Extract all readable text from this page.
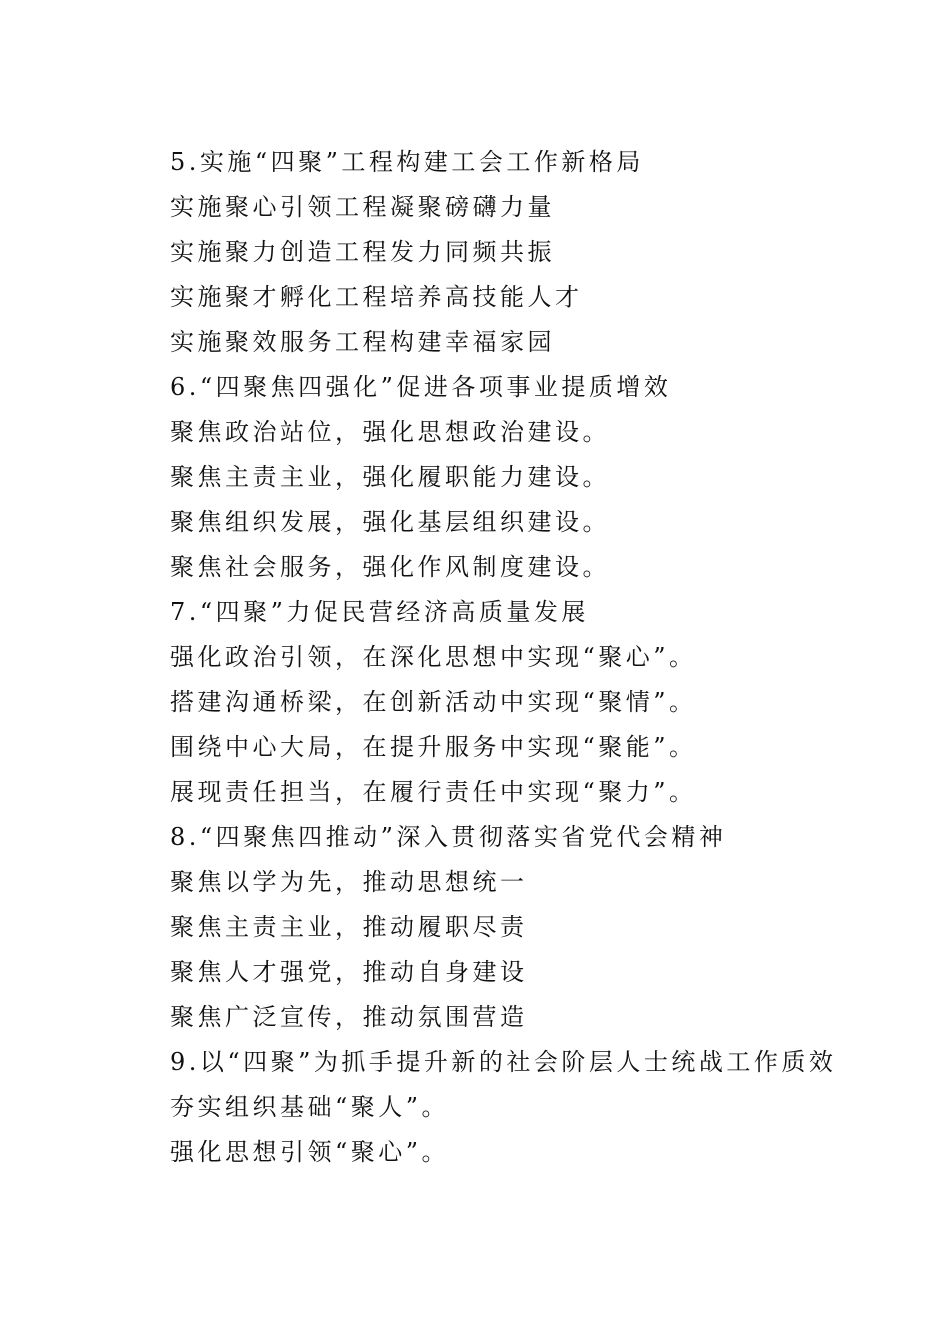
5.实施“四聚”工程构建工会工作新格局
实施聚心引领工程凝聚磅礴力量
实施聚力创造工程发力同频共振
实施聚才孵化工程培养高技能人才
实施聚效服务工程构建幸福家园
6.“四聚焦四强化”促进各项事业提质增效
聚焦政治站位，强化思想政治建设。
聚焦主责主业，强化履职能力建设。
聚焦组织发展，强化基层组织建设。
聚焦社会服务，强化作风制度建设。
7.“四聚”力促民营经济高质量发展
强化政治引领，在深化思想中实现“聚心”。
搭建沟通桥梁，在创新活动中实现“聚情”。
围绕中心大局，在提升服务中实现“聚能”。
展现责任担当，在履行责任中实现“聚力”。
8.“四聚焦四推动”深入贯彻落实省党代会精神
聚焦以学为先，推动思想统一
聚焦主责主业，推动履职尽责
聚焦人才强党，推动自身建设
聚焦广泛宣传，推动氛围营造
9.以“四聚”为抓手提升新的社会阶层人士统战工作质效
夯实组织基础“聚人”。
强化思想引领“聚心”。
